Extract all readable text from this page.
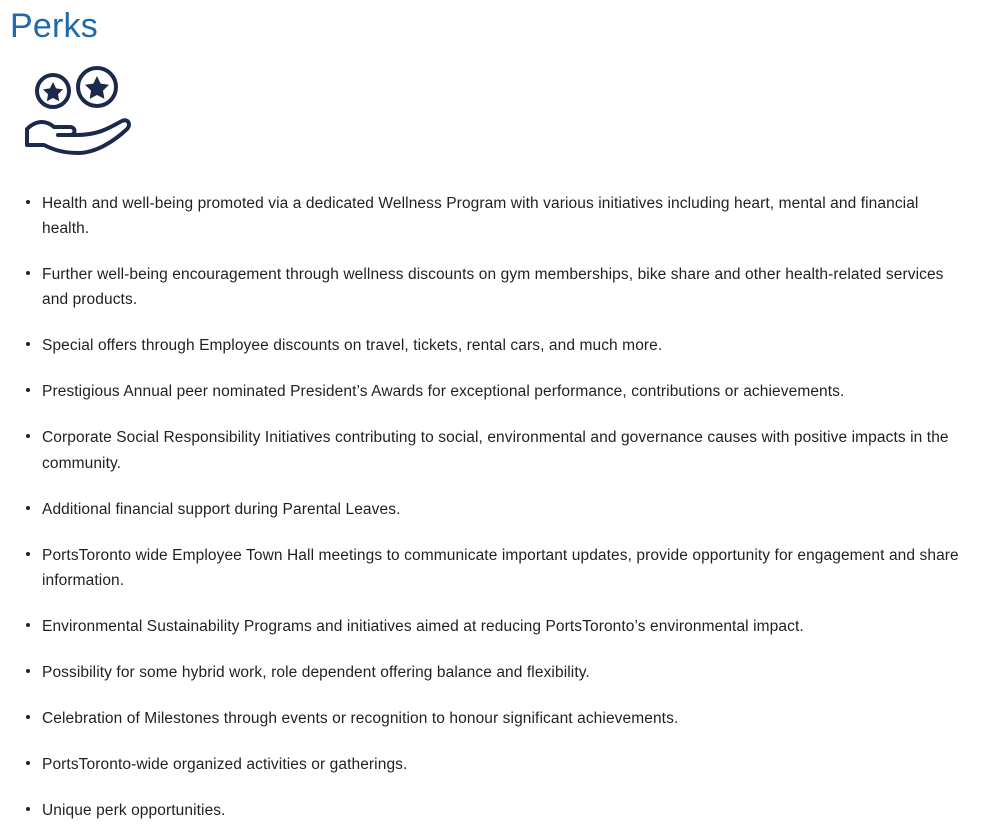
Perks
Health and well-being promoted via a dedicated Wellness Program with various initiatives including heart, mental and financial health.
Further well-being encouragement through wellness discounts on gym memberships, bike share and other health-related services and products.
Special offers through Employee discounts on travel, tickets, rental cars, and much more.
Prestigious Annual peer nominated President’s Awards for exceptional performance, contributions or achievements.
Corporate Social Responsibility Initiatives contributing to social, environmental and governance causes with positive impacts in the community.
Additional financial support during Parental Leaves.
PortsToronto wide Employee Town Hall meetings to communicate important updates, provide opportunity for engagement and share information.
Environmental Sustainability Programs and initiatives aimed at reducing PortsToronto’s environmental impact.
Possibility for some hybrid work, role dependent offering balance and flexibility.
Celebration of Milestones through events or recognition to honour significant achievements.
PortsToronto-wide organized activities or gatherings.
Unique perk opportunities.
